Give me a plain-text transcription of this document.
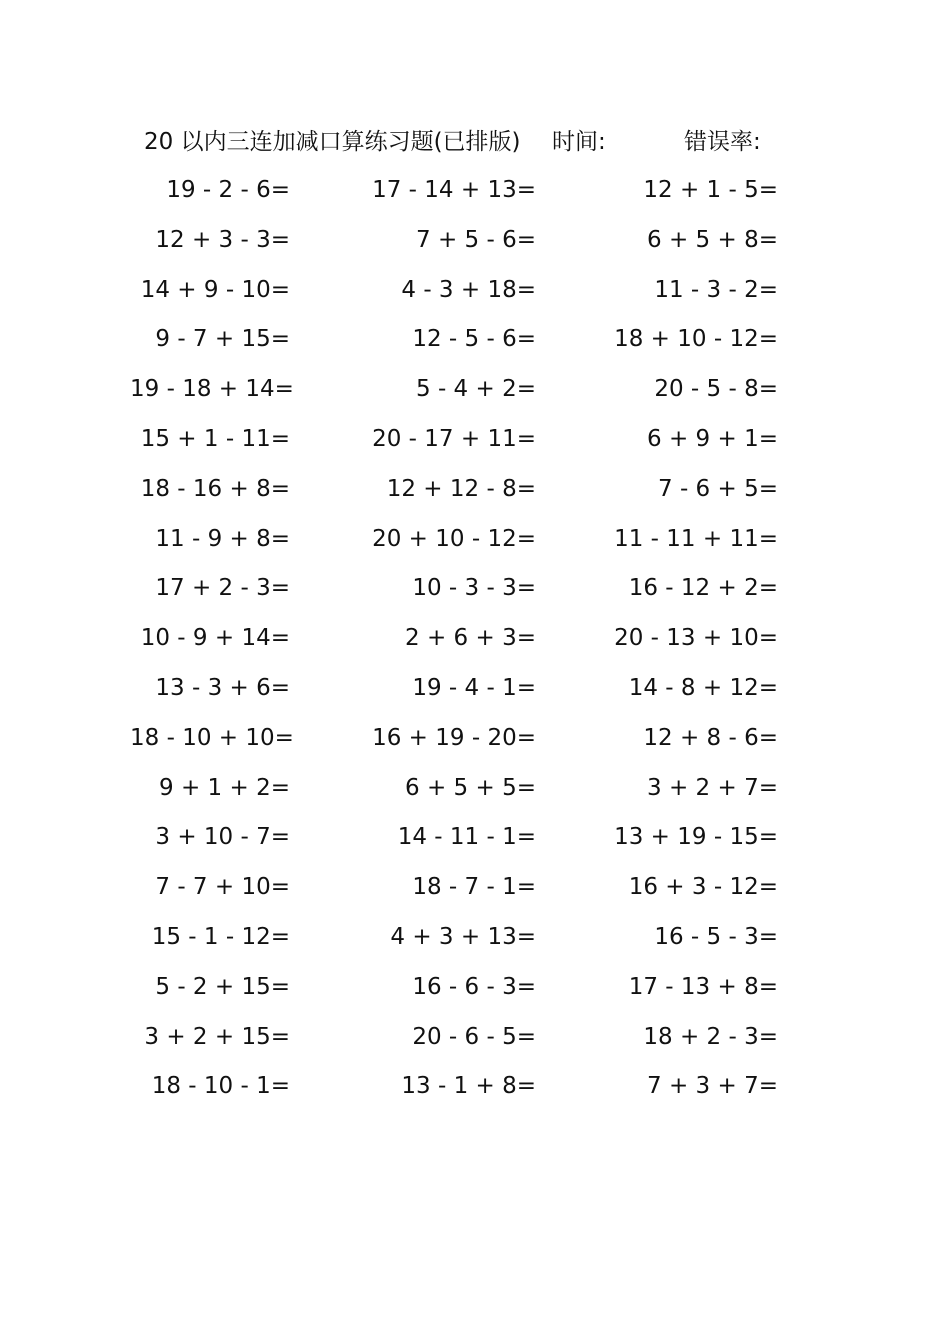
20 以内三连加减口算练习题(已排版) 时间:	错误率:
19 - 2 - 6=	17 - 14 + 13=	12 + 1 - 5=
12 + 3 - 3=	7 + 5 - 6=	6 + 5 + 8=
14 + 9 - 10=	4 - 3 + 18=	11 - 3 - 2=
9 - 7 + 15=	12 - 5 - 6=	18 + 10 - 12=
19 - 18 + 14=	5 - 4 + 2=	20 - 5 - 8=
15 + 1 - 11=	20 - 17 + 11=	6 + 9 + 1=
18 - 16 + 8=	12 + 12 - 8=	7 - 6 + 5=
11 - 9 + 8=	20 + 10 - 12=	11 - 11 + 11=
17 + 2 - 3=	10 - 3 - 3=	16 - 12 + 2=
10 - 9 + 14=	2 + 6 + 3=	20 - 13 + 10=
13 - 3 + 6=	19 - 4 - 1=	14 - 8 + 12=
18 - 10 + 10=	16 + 19 - 20=	12 + 8 - 6=
9 + 1 + 2=	6 + 5 + 5=	3 + 2 + 7=
3 + 10 - 7=	14 - 11 - 1=	13 + 19 - 15=
7 - 7 + 10=	18 - 7 - 1=	16 + 3 - 12=
15 - 1 - 12=	4 + 3 + 13=	16 - 5 - 3=
5 - 2 + 15=	16 - 6 - 3=	17 - 13 + 8=
3 + 2 + 15=	20 - 6 - 5=	18 + 2 - 3=
18 - 10 - 1=	13 - 1 + 8=	7 + 3 + 7=
